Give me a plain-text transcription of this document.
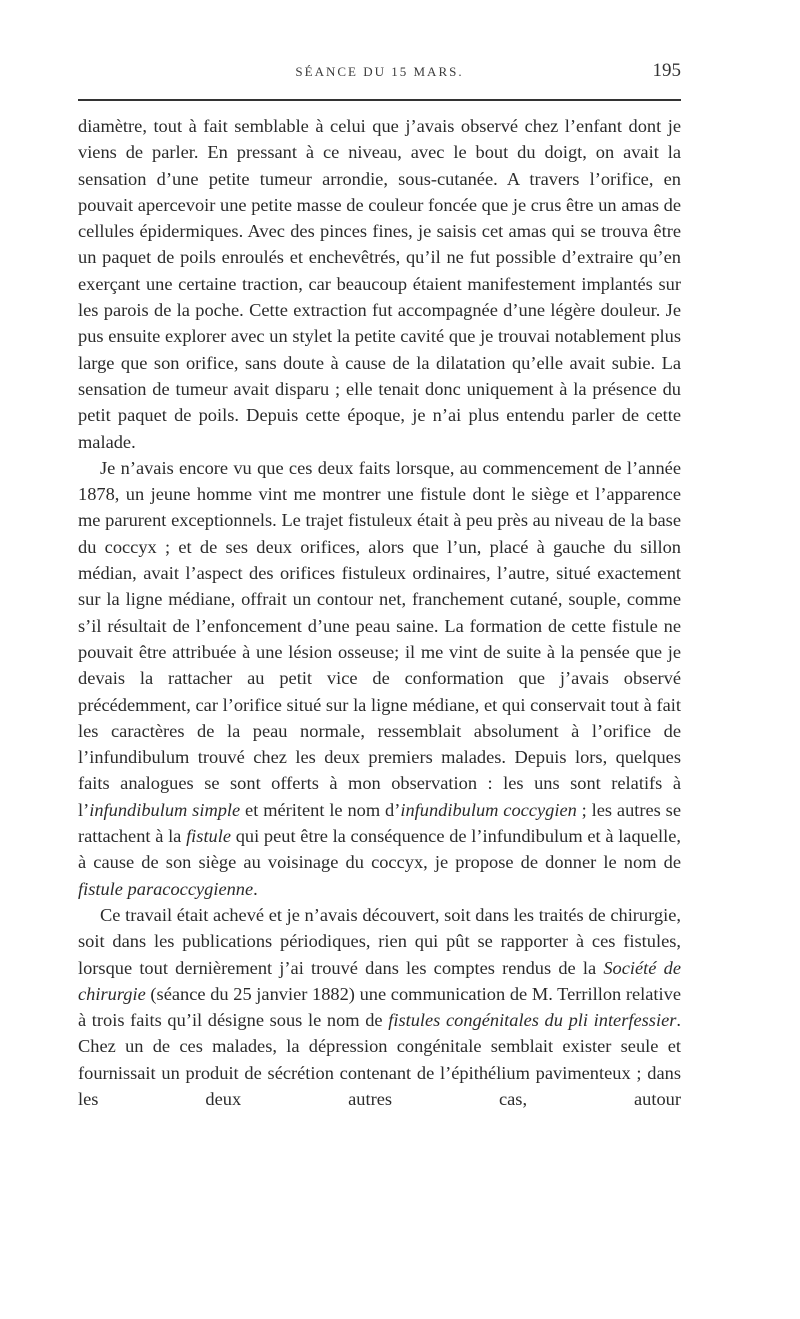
SÉANCE DU 15 MARS.	195

diamètre, tout à fait semblable à celui que j’avais observé chez l’enfant dont je viens de parler. En pressant à ce niveau, avec le bout du doigt, on avait la sensation d’une petite tumeur arrondie, sous-cutanée. A travers l’orifice, en pouvait apercevoir une petite masse de couleur foncée que je crus être un amas de cellules épidermiques. Avec des pinces fines, je saisis cet amas qui se trouva être un paquet de poils enroulés et enchevêtrés, qu’il ne fut possible d’extraire qu’en exerçant une certaine traction, car beaucoup étaient manifestement implantés sur les parois de la poche. Cette extraction fut accompagnée d’une légère douleur. Je pus ensuite explorer avec un stylet la petite cavité que je trouvai notablement plus large que son orifice, sans doute à cause de la dilatation qu’elle avait subie. La sensation de tumeur avait disparu ; elle tenait donc uniquement à la présence du petit paquet de poils. Depuis cette époque, je n’ai plus entendu parler de cette malade.

Je n’avais encore vu que ces deux faits lorsque, au commencement de l’année 1878, un jeune homme vint me montrer une fistule dont le siège et l’apparence me parurent exceptionnels. Le trajet fistuleux était à peu près au niveau de la base du coccyx ; et de ses deux orifices, alors que l’un, placé à gauche du sillon médian, avait l’aspect des orifices fistuleux ordinaires, l’autre, situé exactement sur la ligne médiane, offrait un contour net, franchement cutané, souple, comme s’il résultait de l’enfoncement d’une peau saine. La formation de cette fistule ne pouvait être attribuée à une lésion osseuse; il me vint de suite à la pensée que je devais la rattacher au petit vice de conformation que j’avais observé précédemment, car l’orifice situé sur la ligne médiane, et qui conservait tout à fait les caractères de la peau normale, ressemblait absolument à l’orifice de l’infundibulum trouvé chez les deux premiers malades. Depuis lors, quelques faits analogues se sont offerts à mon observation : les uns sont relatifs à l’infundibulum simple et méritent le nom d’infundibulum coccygien ; les autres se rattachent à la fistule qui peut être la conséquence de l’infundibulum et à laquelle, à cause de son siège au voisinage du coccyx, je propose de donner le nom de fistule paracoccygienne.

Ce travail était achevé et je n’avais découvert, soit dans les traités de chirurgie, soit dans les publications périodiques, rien qui pût se rapporter à ces fistules, lorsque tout dernièrement j’ai trouvé dans les comptes rendus de la Société de chirurgie (séance du 25 janvier 1882) une communication de M. Terrillon relative à trois faits qu’il désigne sous le nom de fistules congénitales du pli interfessier. Chez un de ces malades, la dépression congénitale semblait exister seule et fournissait un produit de sécrétion contenant de l’épithélium pavimenteux ; dans les deux autres cas, autour
